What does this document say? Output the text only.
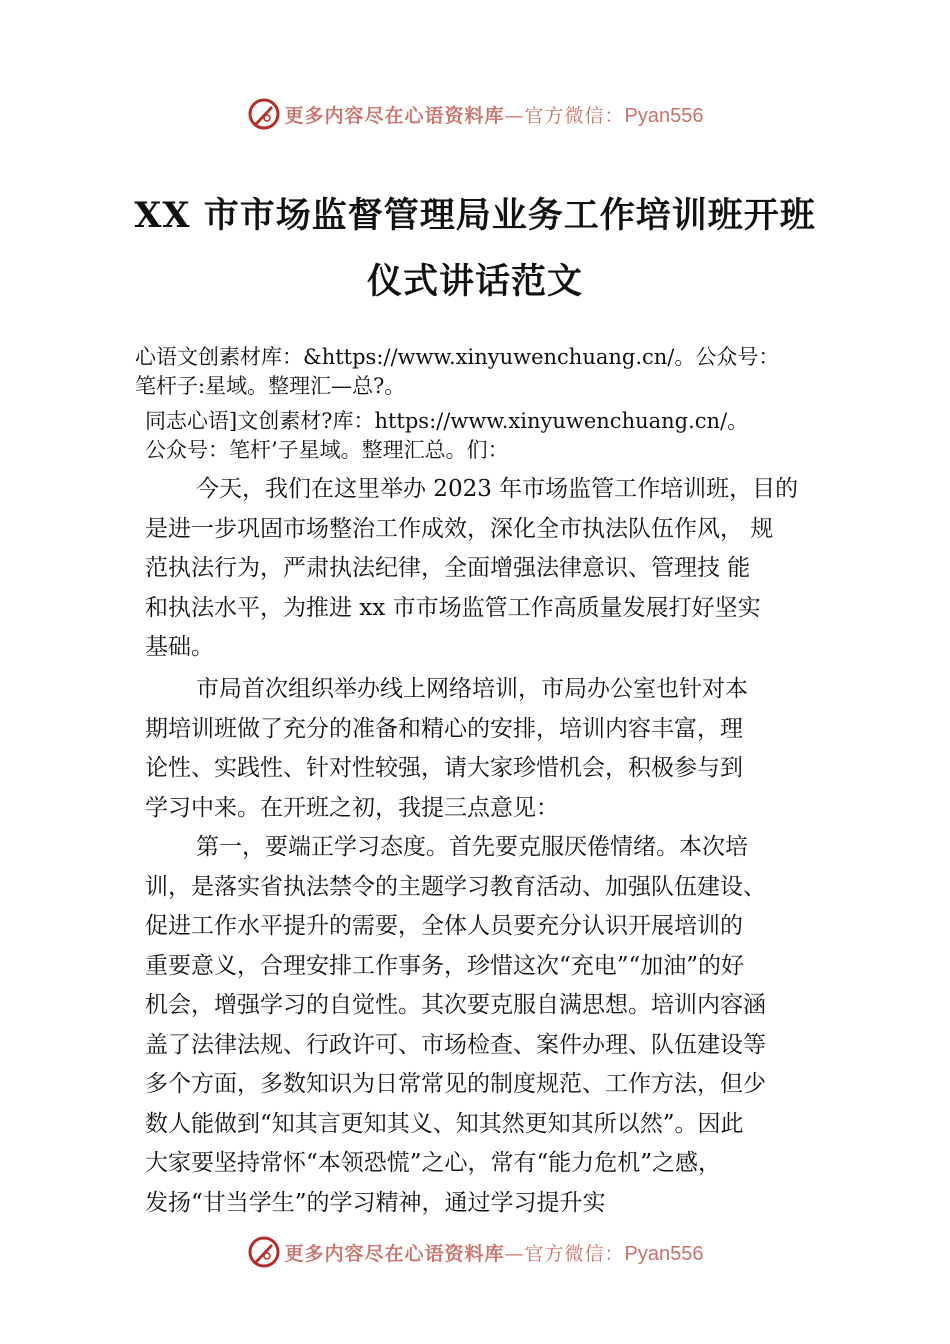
更多内容尽在心语资料库—官方微信：Pyan556
XX 市市场监督管理局业务工作培训班开班
仪式讲话范文
心语文创素材库：&https://www.xinyuwenchuang.cn/。公众号：
笔杆子:星域。整理汇—总?。
同志心语]文创素材?库：https://www.xinyuwenchuang.cn/。
公众号：笔杆’子星域。整理汇总。们：
今天，我们在这里举办 2023 年市场监管工作培训班，目的
是进一步巩固市场整治工作成效，深化全市执法队伍作风， 规
范执法行为，严肃执法纪律，全面增强法律意识、管理技 能
和执法水平，为推进 xx 市市场监管工作高质量发展打好坚实
基础。
市局首次组织举办线上网络培训，市局办公室也针对本
期培训班做了充分的准备和精心的安排，培训内容丰富，理
论性、实践性、针对性较强，请大家珍惜机会，积极参与到
学习中来。在开班之初，我提三点意见：
第一，要端正学习态度。首先要克服厌倦情绪。本次培
训，是落实省执法禁令的主题学习教育活动、加强队伍建设、
促进工作水平提升的需要，全体人员要充分认识开展培训的
重要意义，合理安排工作事务，珍惜这次“充电”“加油”的好
机会，增强学习的自觉性。其次要克服自满思想。培训内容涵
盖了法律法规、行政许可、市场检查、案件办理、队伍建设等
多个方面，多数知识为日常常见的制度规范、工作方法，但少
数人能做到“知其言更知其义、知其然更知其所以然”。因此
大家要坚持常怀“本领恐慌”之心，常有“能力危机”之感，
发扬“甘当学生”的学习精神，通过学习提升实
更多内容尽在心语资料库—官方微信：Pyan556
